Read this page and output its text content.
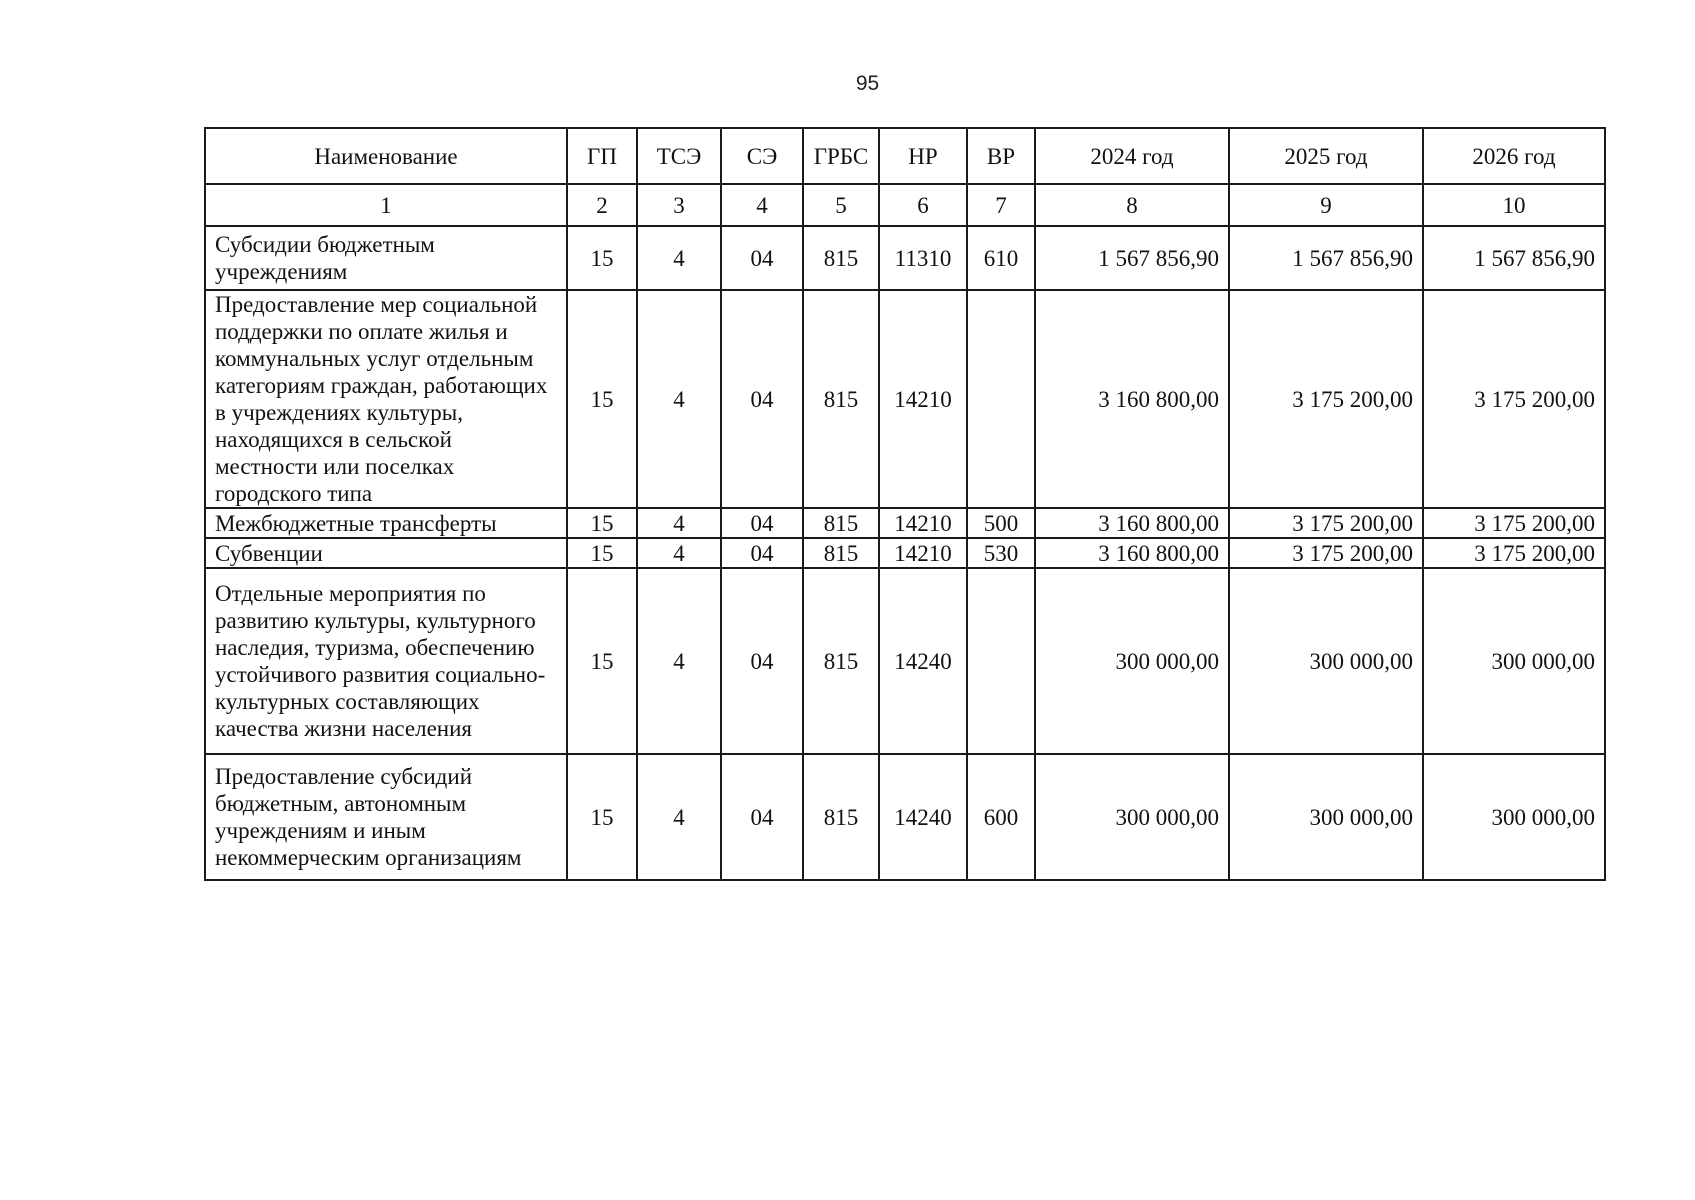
95
Наименование	ГП	ТСЭ	СЭ	ГРБС	НР	ВР	2024 год	2025 год	2026 год
1	2	3	4	5	6	7	8	9	10
Субсидии бюджетным учреждениям	15	4	04	815	11310	610	1 567 856,90	1 567 856,90	1 567 856,90
Предоставление мер социальной поддержки по оплате жилья и коммунальных услуг отдельным категориям граждан, работающих в учреждениях культуры, находящихся в сельской местности или поселках городского типа	15	4	04	815	14210		3 160 800,00	3 175 200,00	3 175 200,00
Межбюджетные трансферты	15	4	04	815	14210	500	3 160 800,00	3 175 200,00	3 175 200,00
Субвенции	15	4	04	815	14210	530	3 160 800,00	3 175 200,00	3 175 200,00
Отдельные мероприятия по развитию культуры, культурного наследия, туризма, обеспечению устойчивого развития социально-культурных составляющих качества жизни населения	15	4	04	815	14240		300 000,00	300 000,00	300 000,00
Предоставление субсидий бюджетным, автономным учреждениям и иным некоммерческим организациям	15	4	04	815	14240	600	300 000,00	300 000,00	300 000,00
